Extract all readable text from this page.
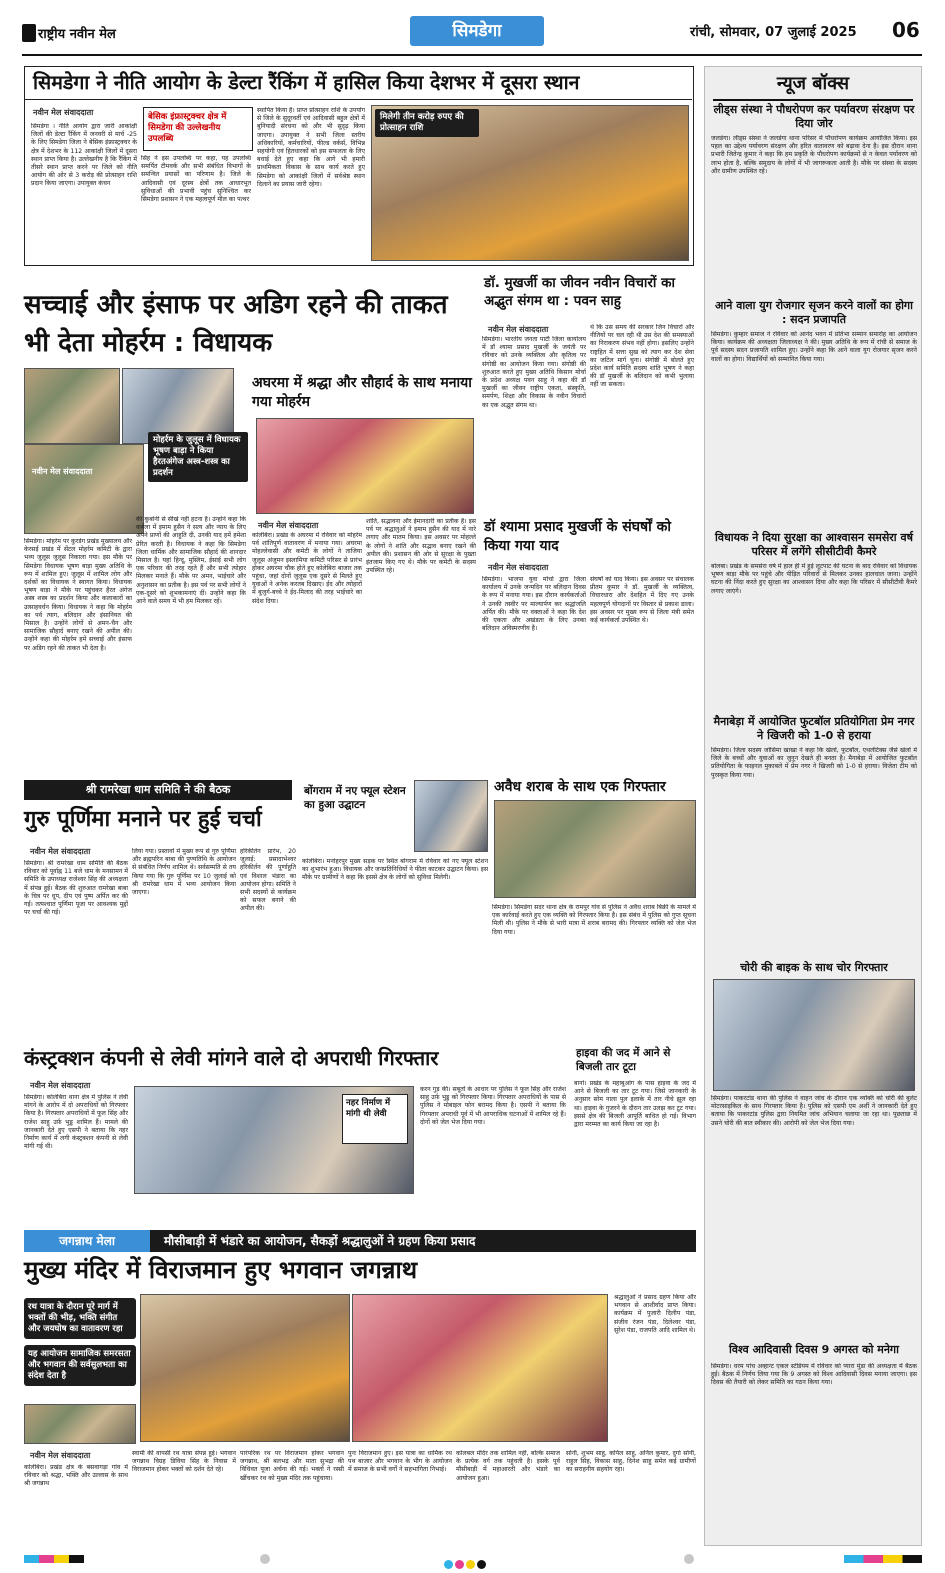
राष्ट्रीय नवीन मेल	सिमडेगा	रांची, सोमवार, 07 जुलाई 2025 06
सिमडेगा ने नीति आयोग के डेल्टा रैंकिंग में हासिल किया देशभर में दूसरा स्थान
नवीन मेल संवाददाता
सिमडेगा । नीति आयोग द्वारा जारी आकांक्षी जिलों की डेल्टा रैंकिंग में जनवरी से मार्च -25 के लिए सिमडेगा जिला ने बेसिक इंफ्रास्ट्रक्चर के क्षेत्र में देशभर के 112 आकांक्षी जिलों में दूसरा स्थान प्राप्त किया है। उल्लेखनीय है कि रैंकिंग में तीसरे स्थान प्राप्त करने पर जिले को नीति आयोग की ओर से 3 करोड़ की प्रोत्साहन राशि प्रदान किया जाएगा। उपायुक्त कंचन
बेसिक इंफ्रास्ट्रक्चर क्षेत्र में सिमडेगा की उल्लेखनीय उपलब्धि
सिंह ने इस उपलब्धि पर कहा, यह उपलब्धि समर्पित टीमवर्क और सभी संबंधित विभागों के समन्वित प्रयासों का परिणाम है। जिले के आदिवासी एवं दूरस्थ क्षेत्रों तक आधारभूत सुविधाओं की प्रभावी पहुंच सुनिश्चित कर सिमडेगा प्रशासन ने एक महत्वपूर्ण मील का पत्थर
स्थापित किया है। प्राप्त प्रोत्साहन राशि के उपयोग से जिले के सुदूरवर्ती एवं आदिवासी बहुल क्षेत्रों में बुनियादी संरचना को और भी सुदृढ़ किया जाएगा। उपायुक्त ने सभी जिला स्तरीय अधिकारियों, कर्मचारियों, फील्ड वर्कर्स, विभिन्न सहयोगी एवं हितधारकों को इस सफलता के लिए बधाई देते हुए कहा कि आगे भी हमारी प्राथमिकता विकास के साथ कार्य करते हुए सिमडेगा को आकांक्षी जिलों में सर्वश्रेष्ठ स्थान दिलाने का प्रयास जारी रहेगा।
मिलेगी तीन करोड़ रुपए की प्रोत्साहन राशि
सच्चाई और इंसाफ पर अडिग रहने की ताकत भी देता मोहर्रम : विधायक
मोहर्रम के जुलूस में विधायक भूषण बाड़ा ने किया हैरतअंगेज अस्त्र-शस्त्र का प्रदर्शन
नवीन मेल संवाददाता
सिमडेगा। मोहर्रम पर कुरडेग प्रखंड मुख्यालय और केरसई प्रखंड में सेंटल मोहर्रम कमिटी के द्वारा भव्य जुलूस जुलूस निकाला गया। इस मौके पर सिमडेगा विधायक भूषण बाड़ा मुख्य अतिथि के रूप में शामिल हुए। जुलूस में शामिल लोग और दर्शकों का विधायक ने स्वागत किया। विधायक भूषण बाड़ा ने मौके पर पहुंचकर हैरत अंगेज अस्त्र शस्त्र का प्रदर्शन किया और कलाकारों का उत्साहवर्धन किया। विधायक ने कहा कि मोहर्रम का पर्व त्याग, बलिदान और इंसानियत की मिसाल है। उन्होंने लोगों से अमन-चैन और सामाजिक सौहार्द बनाए रखने की अपील की। उन्होंने कहा की मोहर्रम हमें सच्चाई और इंसाफ पर अडिग रहने की ताकत भी देता है।
की कुर्बानी से सीखे नहीं हटना है। उन्होंने कहा कि कर्बला में इमाम हुसैन ने सत्य और न्याय के लिए अपने प्राणों की आहुति दी, उनकी याद हमें हमेशा प्रेरित करती है। विधायक ने कहा कि सिमडेगा जिला धार्मिक और सामाजिक सौहार्द की शानदार मिसाल है। यहां हिन्दू, मुस्लिम, ईसाई सभी लोग एक परिवार की तरह रहते हैं और सभी त्योहार मिलकर मनाते हैं। मौके पर अमन, भाईचारे और अनुशासन का प्रतीक है। इस पर्व पर सभी लोगों ने एक-दूसरे को शुभकामनाएं दीं। उन्होंने कहा कि आने वाले समय में भी हम मिलकर रहें।
अघरमा में श्रद्धा और सौहार्द के साथ मनाया गया मोहर्रम
नवीन मेल संवाददाता
कोलेबिरा। प्रखंड के अघरमा में रविवार को मोहर्रम पर्व शांतिपूर्ण वातावरण में मनाया गया। अघरमा मोहल्लेवासी और कमेटी के लोगों ने ताजिया जुलूस अंजुमन इस्लामिया कमिटी परिसर से प्रारंभ होकर अघरमा चौक होते हुए कोलेबिरा बाजार तक पहुंचा, जहां दोनों जुलूस एक दूसरे से मिलते हुए युवाओं ने अनेक करतब दिखाए। ईद और त्योहारों में बुजुर्ग-बच्चे ने ईद-मिलाद की तरह भाईचारे का संदेश दिया।
शांति, सद्भावना और ईमानदारी का प्रतीक है। इस पर्व पर श्रद्धालुओं ने इमाम हुसैन की याद में नारे लगाए और मातम किया। इस अवसर पर मोहल्ले के लोगों ने शांति और सद्भाव बनाए रखने की अपील की। प्रशासन की ओर से सुरक्षा के पुख्ता इंतजाम किए गए थे। मौके पर कमेटी के सदस्य उपस्थित रहे।
डॉ. मुखर्जी का जीवन नवीन विचारों का अद्भुत संगम था : पवन साहु
नवीन मेल संवाददाता
सिमडेगा। भारतीय जनता पार्टी जिला कार्यालय में डॉ श्यामा प्रसाद मुखर्जी के जयंती पर रविवार को उनके व्यक्तित्व और कृतित्व पर संगोष्ठी का आयोजन किया गया। संगोष्ठी की शुरुआत करते हुए मुख्य अतिथि किसान मोर्चा के प्रदेश अध्यक्ष पवन साहु ने कहा की डॉ मुखर्जी का जीवन राष्ट्रीय एकता, संस्कृति, समर्पण, शिक्षा और विकास के नवीन विचारों का एक अद्भुत संगम था।
थे कि उस समय की सरकार जिन विचारों और नीतियों पर चल रही थी उस देश की समस्याओं का निराकरण संभव नहीं होगा। इसलिए उन्होंने राष्ट्रहित में सत्ता सुख को त्याग कर देश सेवा का जटिल मार्ग चुना। संगोष्ठी में बोलते हुए प्रदेश कार्य समिति सदस्य शांति भूषण ने कहा की डॉ मुखर्जी के बलिदान को कभी भुलाया नहीं जा सकता।
डॉ श्यामा प्रसाद मुखर्जी के संघर्षों को किया गया याद
नवीन मेल संवाददाता
सिमडेगा। भाजपा युवा मोर्चा द्वारा जिला कार्यालय में उनके जन्मदिन पर बलिदान दिवस के रूप में मनाया गया। इस दौरान कार्यकर्ताओं ने उनकी तस्वीर पर माल्यार्पण कर श्रद्धांजलि अर्पित की। मौके पर वक्ताओं ने कहा कि देश की एकता और अखंडता के लिए उनका बलिदान अविस्मरणीय है।
संघर्षों को याद किया। इस अवसर पर संचालक प्रीतम कुमार ने डॉ. मुखर्जी के व्यक्तित्व, विचारधारा और देशहित में दिए गए उनके महत्वपूर्ण योगदानों पर विस्तार से प्रकाश डाला। इस अवसर पर मुख्य रूप से जिला मंत्री समेत कई कार्यकर्ता उपस्थित थे।
श्री रामरेखा धाम समिति ने की बैठक
गुरु पूर्णिमा मनाने पर हुई चर्चा
नवीन मेल संवाददाता
सिमडेगा। श्री रामरेखा धाम समिति की बैठक रविवार को पूर्वाह्न 11 बजे धाम के मनसामन में समिति के उपाध्यक्ष राजेश्वर सिंह की अध्यक्षता में संपन्न हुई। बैठक की शुरुआत रामरेखा बाबा के चित्र पर धूप, दीप एवं पुष्प अर्पित कर की गई। तत्पश्चात पूर्णिमा पूजा पर आवश्यक मुद्दों पर चर्चा की गई।
लिया गया। प्रस्तावों में मुख्य रूप से गुरु पूर्णिमा और ब्रह्मपरिन बाबा की पुण्यतिथि के आयोजन से संबंधित निर्णय शामिल थे। सर्वसम्मति से तय किया गया कि गुरु पूर्णिमा पर 10 जुलाई को श्री रामरेखा धाम में भव्य आयोजन किया जाएगा।
हरिकीर्तन प्रारंभ, 20 जुलाई: प्रसादाभेश्वर हरिकीर्तन की पूर्णाहुति एवं विशाल भंडारा का आयोजन होगा। समिति ने सभी सदस्यों से कार्यक्रम को सफल बनाने की अपील की।
बोंगराम में नए फ्यूल स्टेशन का हुआ उद्घाटन
कोलेबिरा। मनोहरपुर मुख्य सड़क पर स्थित बोंगराम में रविवार को नए फ्यूल स्टेशन का शुभारंभ हुआ। विधायक और जनप्रतिनिधियों ने फीता काटकर उद्घाटन किया। इस मौके पर ग्रामीणों ने कहा कि इससे क्षेत्र के लोगों को सुविधा मिलेगी।
अवैध शराब के साथ एक गिरफ्तार
सिमडेगा। सिमडेगा सदर थाना क्षेत्र के रामपुर गांव से पुलिस ने अवैध शराब बिक्री के मामले में एक कार्रवाई करते हुए एक व्यक्ति को गिरफ्तार किया है। इस संबंध में पुलिस को गुप्त सूचना मिली थी। पुलिस ने मौके से भारी मात्रा में शराब बरामद की। गिरफ्तार व्यक्ति को जेल भेज दिया गया।
कंस्ट्रक्शन कंपनी से लेवी मांगने वाले दो अपराधी गिरफ्तार
नवीन मेल संवाददाता
सिमडेगा। कोलेबिरा थाना क्षेत्र में पुलिस ने लेवी मांगने के आरोप में दो अपराधियों को गिरफ्तार किया है। गिरफ्तार अपराधियों में फूल सिंह और राजेश साहु उर्फ़ भुड्ड शामिल हैं। मामले की जानकारी देते हुए एसपी ने बताया कि नहर निर्माण कार्य में लगी कंस्ट्रक्शन कंपनी से लेवी मांगी गई थी।
नहर निर्माण में मांगी थी लेवी
करन गुड़ की। सबूतों के आधार पर पुलिस ने फूल सिंह और राजेश साहु उर्फ़ भुड्ड को गिरफ्तार किया। गिरफ्तार अपराधियों के पास से पुलिस ने मोबाइल फोन बरामद किया है। एसपी ने बताया कि गिरफ्तार अपराधी पूर्व में भी आपराधिक घटनाओं में शामिल रहे हैं। दोनों को जेल भेज दिया गया।
हाइवा की जद में आने से बिजली तार टूटा
बानो। प्रखंड के महाबुआंग के पास हाइवा के जद में आने से बिजली का तार टूट गया। जिसे जानकारी के अनुसार सोम नाला पुल इलाके में तार नीचे झूल रहा था। हाइवा के गुजरने के दौरान तार उलझ कर टूट गया। इससे क्षेत्र की बिजली आपूर्ति बाधित हो गई। विभाग द्वारा मरम्मत का कार्य किया जा रहा है।
जगन्नाथ मेला	मौसीबाड़ी में भंडारे का आयोजन, सैकड़ों श्रद्धालुओं ने ग्रहण किया प्रसाद
मुख्य मंदिर में विराजमान हुए भगवान जगन्नाथ
रथ यात्रा के दौरान पूरे मार्ग में भक्तों की भीड़, भक्ति संगीत और जयघोष का वातावरण रहा
यह आयोजन सामाजिक समरसता और भगवान की सर्वसुलभता का संदेश देता है
नवीन मेल संवाददाता
कोलेबिरा। प्रखंड क्षेत्र के बसवागड़ा गांव में रविवार को श्रद्धा, भक्ति और उल्लास के साथ श्री जगन्नाथ
स्वामी की वापसी रथ यात्रा संपन्न हुई। भगवान जगन्नाथ विग्रह डिविया सिंह के निवास में विराजमान होकर भक्तों को दर्शन देते रहे।
पारंपरिक रथ पर विराजमान होकर भगवान जगन्नाथ, श्री बलभद्र और माता सुभद्रा की विधिवत पूजा अर्चना की गई। भक्तों ने रस्सी खींचकर रथ को मुख्य मंदिर तक पहुंचाया।
पुनः विराजमान हुए। इस यात्रा का धार्मिक रथ पथ बाजार और भगवान के भीग के आयोजन में समाज के सभी वर्गों ने सहभागिता निभाई।
कोलबल मंदिर तक शामिल नहीं, बल्कि समाज के प्रत्येक वर्ग तक पहुंचती है। इसके पूर्व मौसीबाड़ी में महाआरती और भंडारे का आयोजन हुआ।
श्रद्धालुओं ने प्रसाद ग्रहण किया और भगवान से आशीर्वाद प्राप्त किया। कार्यक्रम में पुजारी दिलीप पंडा, संजीव रंजन पंडा, दिलेश्वर पंडा, सुरेश पंडा, राजपति आदि शामिल थे।
सोनी, शुभम साहु, कपिल साहु, अनिल कुमार, दुर्गा सोनी, राहुल सिंह, विकास साहु, दिनेश साहु समेत कई ग्रामीणों का सराहनीय सहयोग रहा।
न्यूज बॉक्स
लीड्स संस्था ने पौधरोपण कर पर्यावरण संरक्षण पर दिया जोर
जलडेगा। लीड्स संस्था ने जलडेगा थाना परिसर में पौधरोपण कार्यक्रम आयोजित किया। इस पहल का उद्देश्य पर्यावरण संरक्षण और हरित वातावरण को बढ़ावा देना है। इस दौरान थाना प्रभारी जितेन्द्र कुमार ने कहा कि हम प्रकृति के पौधरोपण कार्यक्रमों से न केवल पर्यावरण को लाभ होता है, बल्कि समुदाय के लोगों में भी जागरूकता आती है। मौके पर संस्था के सदस्य और ग्रामीण उपस्थित रहे।
आने वाला युग रोजगार सृजन करने वालों का होगा : सदन प्रजापति
सिमडेगा। कुम्हार समाज ने रविवार को आनंद भवन में प्रतिभा सम्मान समारोह का आयोजन किया। कार्यक्रम की अध्यक्षता जिलाध्यक्ष ने की। मुख्य अतिथि के रूप में रांची से समाज के पूर्व सदस्य सदन प्रजापति शामिल हुए। उन्होंने कहा कि आने वाला युग रोजगार सृजन करने वालों का होगा। विद्यार्थियों को सम्मानित किया गया।
विधायक ने दिया सुरक्षा का आश्वासन समसेरा वर्ष परिसर में लगेंगे सीसीटीवी कैमरे
बोलबा। प्रखंड के समसेरा वर्ष में हाल ही में हुई लूटपाट की घटना के बाद रविवार को विधायक भूषण बाड़ा मौके पर पहुंचे और पीड़ित परिवारों से मिलकर उनका हालचाल जाना। उन्होंने घटना की निंदा करते हुए सुरक्षा का आश्वासन दिया और कहा कि परिसर में सीसीटीवी कैमरे लगाए जाएंगे।
मैनाबेड़ा में आयोजित फुटबॉल प्रतियोगिता प्रेम नगर ने खिजरी को 1-0 से हराया
सिमडेगा। जिला सदस्य जोसिमा खाखा ने कहा कि खेलों, फुटबॉल, एथलेटिक्स जैसे खेलों में जिले के बच्चों और युवाओं का जुनून देखते ही बनता है। मैनाबेड़ा में आयोजित फुटबॉल प्रतियोगिता के फाइनल मुकाबले में प्रेम नगर ने खिजरी को 1-0 से हराया। विजेता टीम को पुरस्कृत किया गया।
चोरी की बाइक के साथ चोर गिरफ्तार
सिमडेगा। पाकरटांड थाना की पुलिस ने वाहन जांच के दौरान एक व्यक्ति को चोरी की बुलेट मोटरसाइकिल के साथ गिरफ्तार किया है। पुलिस को एसपी एम अर्शी ने जानकारी देते हुए बताया कि पाकरटांड पुलिस द्वारा नियमित जांच अभियान चलाया जा रहा था। पूछताछ में उसने चोरी की बात स्वीकार की। आरोपी को जेल भेज दिया गया।
विश्व आदिवासी दिवस 9 अगस्त को मनेगा
सिमडेगा। धरम पांच अव्हान्ट एकल स्टेडियम में रविवार को प्यारा मुंडा की अध्यक्षता में बैठक हुई। बैठक में निर्णय लिया गया कि 9 अगस्त को विश्व आदिवासी दिवस मनाया जाएगा। इस दिवस की तैयारी को लेकर समिति का गठन किया गया।
